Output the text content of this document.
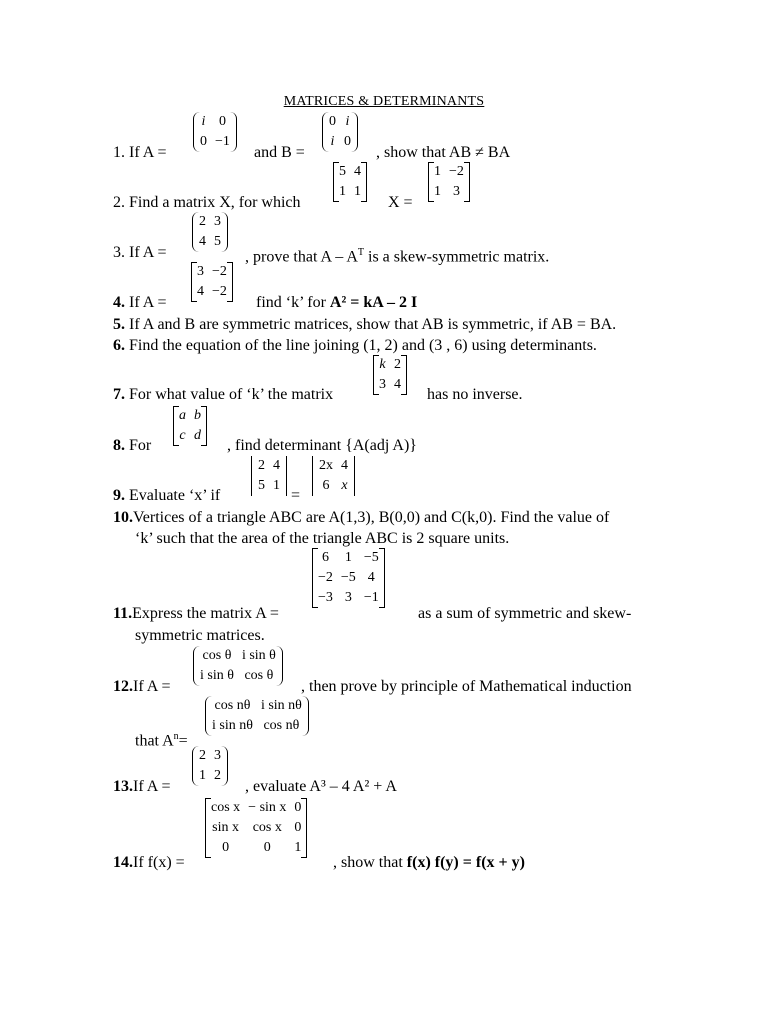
MATRICES & DETERMINANTS
1. If A =
i	0
0	−1
and B =
0	i
i	0
, show that AB ≠ BA
2. Find a matrix X, for which
5	4
1	1
X =
1	−2
1	3
3. If A =
2	3
4	5
, prove that A – $A^T$ is a skew-symmetric matrix.
4. If A =
3	−2
4	−2
find ‘k’ for A² = kA – 2 I
5. If A and B are symmetric matrices, show that AB is symmetric, if AB = BA.
6. Find the equation of the line joining (1, 2) and (3 , 6) using determinants.
7. For what value of ‘k’ the matrix
k	2
3	4
has no inverse.
8. For
a	b
c	d
, find determinant {A(adj A)}
9. Evaluate ‘x’ if
2	4
5	1
=
2x	4
6	x
10.Vertices of a triangle ABC are A(1,3), B(0,0) and C(k,0). Find the value of
‘k’ such that the area of the triangle ABC is 2 square units.
11.Express the matrix A =
6	1	−5
−2	−5	4
−3	3	−1
as a sum of symmetric and skew-
symmetric matrices.
12.If A =
cos θ	i sin θ
i sin θ	cos θ
, then prove by principle of Mathematical induction
that $A^n=$
cos nθ	i sin nθ
i sin nθ	cos nθ
13.If A =
2	3
1	2
, evaluate A³ – 4 A² + A
14.If f(x) =
cos x	− sin x	0
sin x	cos x	0
0	0	1
, show that f(x) f(y) = f(x + y)
